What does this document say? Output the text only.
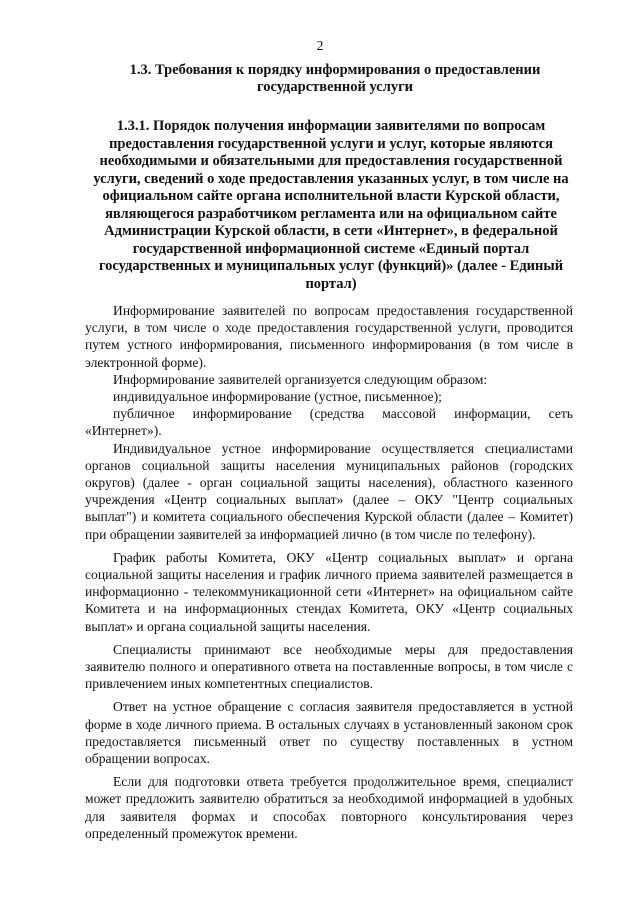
2
1.3. Требования к порядку информирования о предоставлении государственной услуги
1.3.1. Порядок получения информации заявителями по вопросам предоставления государственной услуги и услуг, которые являются необходимыми и обязательными для предоставления государственной услуги, сведений о ходе предоставления указанных услуг, в том числе на официальном сайте органа исполнительной власти Курской области, являющегося разработчиком регламента или на официальном сайте Администрации Курской области, в сети «Интернет», в федеральной государственной информационной системе «Единый портал государственных и муниципальных услуг (функций)» (далее - Единый портал)

Информирование заявителей по вопросам предоставления государственной услуги, в том числе о ходе предоставления государственной услуги, проводится путем устного информирования, письменного информирования (в том числе в электронной форме).

Информирование заявителей организуется следующим образом:

индивидуальное информирование (устное, письменное);

публичное информирование (средства массовой информации, сеть «Интернет»).

Индивидуальное устное информирование осуществляется специалистами органов социальной защиты населения муниципальных районов (городских округов) (далее - орган социальной защиты населения), областного казенного учреждения «Центр социальных выплат» (далее – ОКУ "Центр социальных выплат") и комитета социального обеспечения Курской области (далее – Комитет) при обращении заявителей за информацией лично (в том числе по телефону).

График работы Комитета, ОКУ «Центр социальных выплат» и органа социальной защиты населения и график личного приема заявителей размещается в информационно - телекоммуникационной сети «Интернет» на официальном сайте Комитета и на информационных стендах Комитета, ОКУ «Центр социальных выплат» и органа социальной защиты населения.

Специалисты принимают все необходимые меры для предоставления заявителю полного и оперативного ответа на поставленные вопросы, в том числе с привлечением иных компетентных специалистов.

Ответ на устное обращение с согласия заявителя предоставляется в устной форме в ходе личного приема. В остальных случаях в установленный законом срок предоставляется письменный ответ по существу поставленных в устном обращении вопросах.

Если для подготовки ответа требуется продолжительное время, специалист может предложить заявителю обратиться за необходимой информацией в удобных для заявителя формах и способах повторного консультирования через определенный промежуток времени.
